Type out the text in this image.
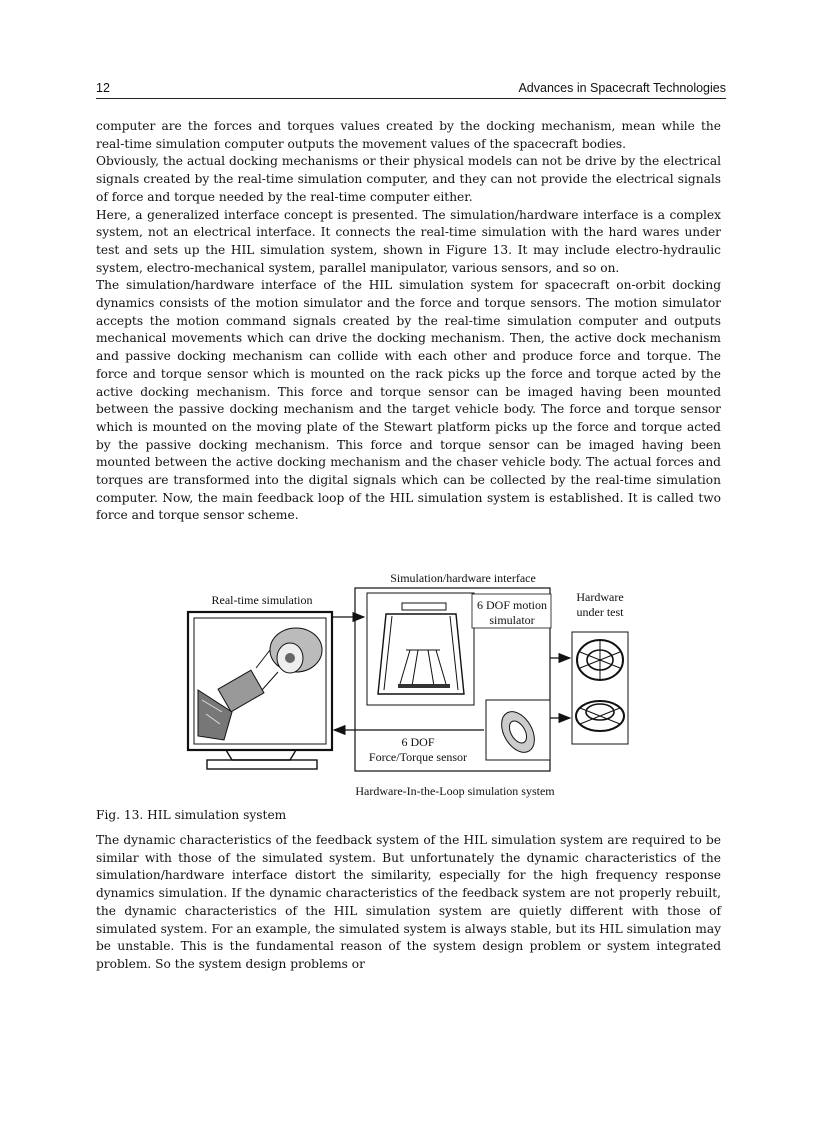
12	Advances in Spacecraft Technologies

computer are the forces and torques values created by the docking mechanism, mean while the real-time simulation computer outputs the movement values of the spacecraft bodies.

Obviously, the actual docking mechanisms or their physical models can not be drive by the electrical signals created by the real-time simulation computer, and they can not provide the electrical signals of force and torque needed by the real-time computer either.

Here, a generalized interface concept is presented. The simulation/hardware interface is a complex system, not an electrical interface. It connects the real-time simulation with the hard wares under test and sets up the HIL simulation system, shown in Figure 13. It may include electro-hydraulic system, electro-mechanical system, parallel manipulator, various sensors, and so on.

The simulation/hardware interface of the HIL simulation system for spacecraft on-orbit docking dynamics consists of the motion simulator and the force and torque sensors. The motion simulator accepts the motion command signals created by the real-time simulation computer and outputs mechanical movements which can drive the docking mechanism. Then, the active dock mechanism and passive docking mechanism can collide with each other and produce force and torque. The force and torque sensor which is mounted on the rack picks up the force and torque acted by the active docking mechanism. This force and torque sensor can be imaged having been mounted between the passive docking mechanism and the target vehicle body. The force and torque sensor which is mounted on the moving plate of the Stewart platform picks up the force and torque acted by the passive docking mechanism. This force and torque sensor can be imaged having been mounted between the active docking mechanism and the chaser vehicle body. The actual forces and torques are transformed into the digital signals which can be collected by the real-time simulation computer. Now, the main feedback loop of the HIL simulation system is established. It is called two force and torque sensor scheme.

Simulation/hardware interface
Real-time simulation	6 DOF motion
simulator
Hardware
under test
6 DOF
Force/Torque sensor
Hardware-In-the-Loop simulation system
Fig. 13. HIL simulation system

The dynamic characteristics of the feedback system of the HIL simulation system are required to be similar with those of the simulated system. But unfortunately the dynamic characteristics of the simulation/hardware interface distort the similarity, especially for the high frequency response dynamics simulation. If the dynamic characteristics of the feedback system are not properly rebuilt, the dynamic characteristics of the HIL simulation system are quietly different with those of simulated system. For an example, the simulated system is always stable, but its HIL simulation may be unstable. This is the fundamental reason of the system design problem or system integrated problem. So the system design problems or
